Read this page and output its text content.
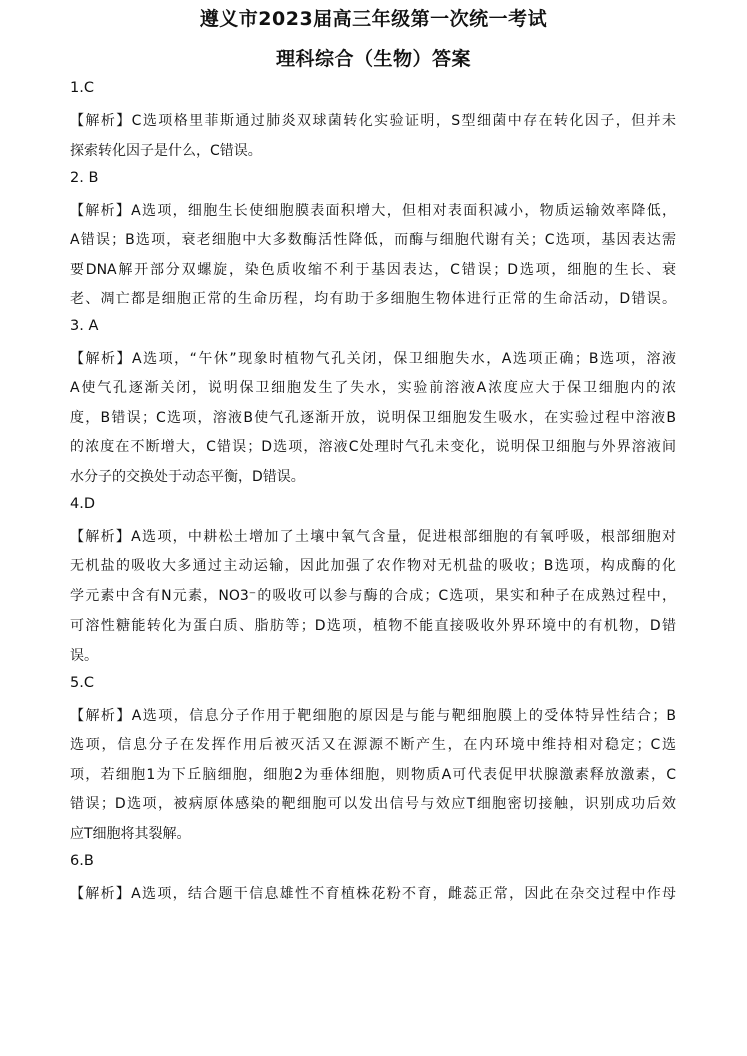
遵义市2023届高三年级第一次统一考试
理科综合（生物）答案
1.C
【解析】C选项格里菲斯通过肺炎双球菌转化实验证明，S型细菌中存在转化因子，但并未
探索转化因子是什么，C错误。
2. B
【解析】A选项，细胞生长使细胞膜表面积增大，但相对表面积减小，物质运输效率降低，
A错误；B选项，衰老细胞中大多数酶活性降低，而酶与细胞代谢有关；C选项，基因表达需
要DNA解开部分双螺旋，染色质收缩不利于基因表达，C错误；D选项，细胞的生长、衰
老、凋亡都是细胞正常的生命历程，均有助于多细胞生物体进行正常的生命活动，D错误。
3. A
【解析】A选项，“午休”现象时植物气孔关闭，保卫细胞失水，A选项正确；B选项，溶液
A使气孔逐渐关闭，说明保卫细胞发生了失水，实验前溶液A浓度应大于保卫细胞内的浓
度，B错误；C选项，溶液B使气孔逐渐开放，说明保卫细胞发生吸水，在实验过程中溶液B
的浓度在不断增大，C错误；D选项，溶液C处理时气孔未变化，说明保卫细胞与外界溶液间
水分子的交换处于动态平衡，D错误。
4.D
【解析】A选项，中耕松土增加了土壤中氧气含量，促进根部细胞的有氧呼吸，根部细胞对
无机盐的吸收大多通过主动运输，因此加强了农作物对无机盐的吸收；B选项，构成酶的化
学元素中含有N元素，NO3⁻的吸收可以参与酶的合成；C选项，果实和种子在成熟过程中，
可溶性糖能转化为蛋白质、脂肪等；D选项，植物不能直接吸收外界环境中的有机物，D错
误。
5.C
【解析】A选项，信息分子作用于靶细胞的原因是与能与靶细胞膜上的受体特异性结合；B
选项，信息分子在发挥作用后被灭活又在源源不断产生，在内环境中维持相对稳定；C选
项，若细胞1为下丘脑细胞，细胞2为垂体细胞，则物质A可代表促甲状腺激素释放激素，C
错误；D选项，被病原体感染的靶细胞可以发出信号与效应T细胞密切接触，识别成功后效
应T细胞将其裂解。
6.B
【解析】A选项，结合题干信息雄性不育植株花粉不育，雌蕊正常，因此在杂交过程中作母
